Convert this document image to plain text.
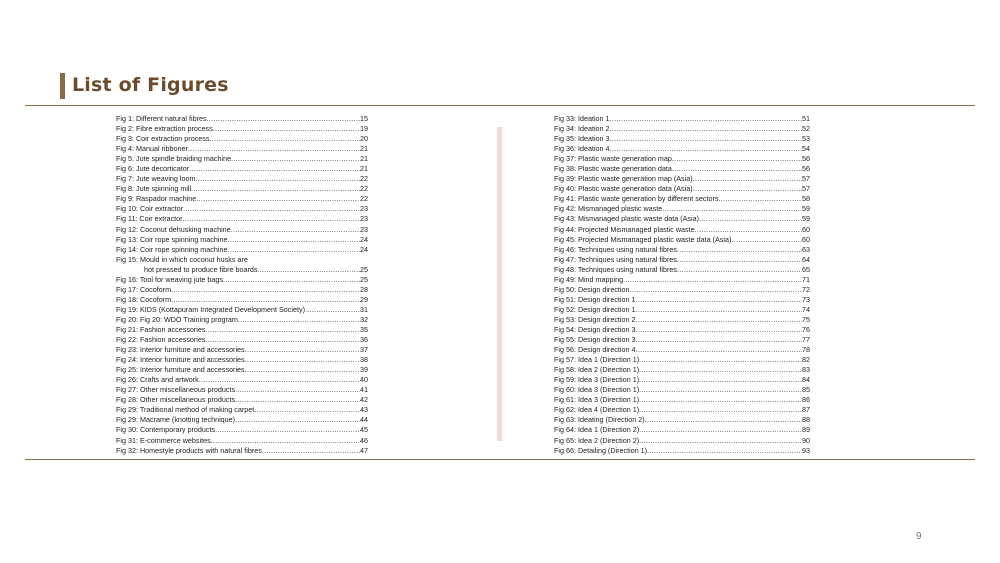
List of Figures
Fig 1: Different natural fibres .....	15
Fig 2: Fibre extraction process .....	19
Fig 3: Coir extraction process .....	20
Fig 4: Manual ribboner .....	21
Fig 5: Jute spindle braiding machine .....	21
Fig 6: Jute decorticator .....	21
Fig 7: Jute weaving loom .....	22
Fig 8: Jute spinning mill .....	22
Fig 9: Raspador machine .....	22
Fig 10: Coir extractor .....	23
Fig 11: Coir extractor .....	23
Fig 12: Coconut dehusking machine .....	23
Fig 13: Coir rope spinning machine .....	24
Fig 14: Coir rope spinning machine .....	24
Fig 15: Mould in which coconut husks are
hot pressed to produce fibre boards. .....	25
Fig 16: Tool for weaving jute bags .....	25
Fig 17: Cocoform .....	28
Fig 18: Cocoform .....	29
Fig 19: KIDS (Kottapuram Integrated Development Society) .....	31
Fig 20: Fig 20: WDO Training program .....	32
Fig 21: Fashion accessories .....	35
Fig 22: Fashion accessories .....	36
Fig 23: Interior furniture and accessories .....	37
Fig 24: Interior furniture and accessories .....	38
Fig 25: Interior furniture and accessories .....	39
Fig 26: Crafts and artwork .....	40
Fig 27: Other miscellaneous products .....	41
Fig 28: Other miscellaneous products .....	42
Fig 29: Traditional method of making carpet .....	43
Fig 29: Macrame (knotting technique) .....	44
Fig 30: Contemporary products .....	45
Fig 31: E-commerce websites .....	46
Fig 32: Homestyle products with natural fibres .....	47
Fig 33: Ideation 1 .....	51
Fig 34: Ideation 2 .....	52
Fig 35: Ideation 3 .....	53
Fig 36: Ideation 4 .....	54
Fig 37: Plastic waste generation map .....	56
Fig 38: Plastic waste generation data .....	56
Fig 39: Plastic waste generation map (Asia) .....	57
Fig 40: Plastic waste generation data (Asia) .....	57
Fig 41: Plastic waste generation by different sectors .....	58
Fig 42: Mismanaged plastic waste .....	59
Fig 43: Mismanaged plastic waste data (Asia) .....	59
Fig 44: Projected Mismanaged plastic waste .....	60
Fig 45: Projected Mismanaged plastic waste data (Asia) .....	60
Fig 46: Techniques using natural fibres .....	63
Fig 47: Techniques using natural fibres .....	64
Fig 48: Techniques using natural fibres .....	65
Fig 49: Mind mapping .....	71
Fig 50: Design direction .....	72
Fig 51: Design direction 1 .....	73
Fig 52: Design direction 1 .....	74
Fig 53: Design direction 2 .....	75
Fig 54: Design direction 3 .....	76
Fig 55: Design direction 3 .....	77
Fig 56: Design direction 4 .....	78
Fig 57: Idea 1 (Direction 1) .....	82
Fig 58: Idea 2 (Direction 1) .....	83
Fig 59: Idea 3 (Direction 1) .....	84
Fig 60: Idea 3 (Direction 1) .....	85
Fig 61: Idea 3 (Direction 1) .....	86
Fig 62: Idea 4 (Direction 1) .....	87
Fig 63: Ideating (Direction 2) .....	88
Fig 64: Idea 1 (Direction 2) .....	89
Fig 65: Idea 2 (Direction 2) .....	90
Fig 66: Detailing (Direction 1) .....	93
9
